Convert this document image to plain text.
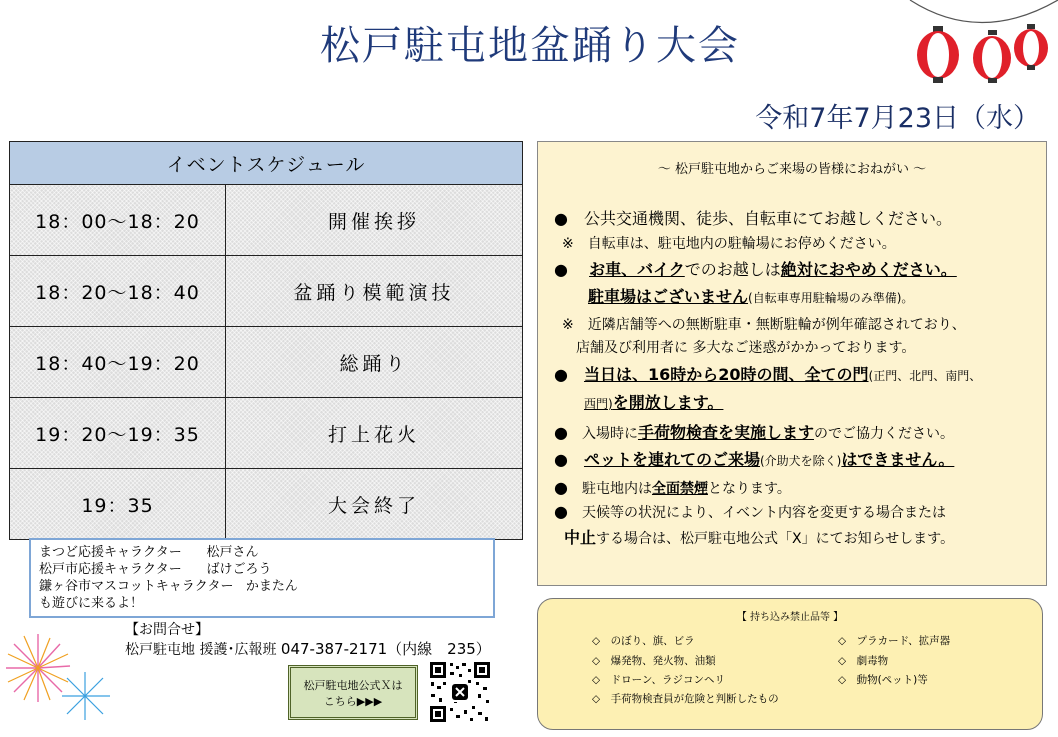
松戸駐屯地盆踊り大会
令和7年7月23日（水）
イベントスケジュール	
18：00～18：20	開催挨拶
18：20～18：40	盆踊り模範演技
18：40～19：20	総踊り
19：20～19：35	打上花火
19：35	大会終了
まつど応援キャラクター 松戸さん
松戸市応援キャラクター ばけごろう
鎌ヶ谷市マスコットキャラクター かまたん
も遊びに来るよ！
【お問合せ】
松戸駐屯地 援護･広報班 047-387-2171（内線　235）
松戸駐屯地公式Ｘは
こちら▶▶▶
～ 松戸駐屯地からご来場の皆様におねがい ～
●　 公共交通機関、徒歩、自転車にてお越しください。
※　 自転車は、駐屯地内の駐輪場にお停めください。
●　 お車、バイクでのお越しは絶対におやめください。
駐車場はございません(自転車専用駐輪場のみ準備)。
※　 近隣店舗等への無断駐車・無断駐輪が例年確認されており、
店舗及び利用者に 多大なご迷惑がかかっております。
●　 当日は、16時から20時の間、全ての門(正門、北門、南門、
西門)を開放します。
●　 入場時に手荷物検査を実施しますのでご協力ください。
●　 ペットを連れてのご来場(介助犬を除く)はできません。
●　 駐屯地内は全面禁煙となります。
●　 天候等の状況により、イベント内容を変更する場合または
中止する場合は、松戸駐屯地公式「X」にてお知らせします。
【 持ち込み禁止品等 】
◇　 のぼり、旗、ビラ
◇　 爆発物、発火物、油類
◇　 ドローン、ラジコンヘリ
◇　 手荷物検査員が危険と判断したもの
◇　 プラカード、拡声器
◇　 劇毒物
◇　 動物(ペット)等
